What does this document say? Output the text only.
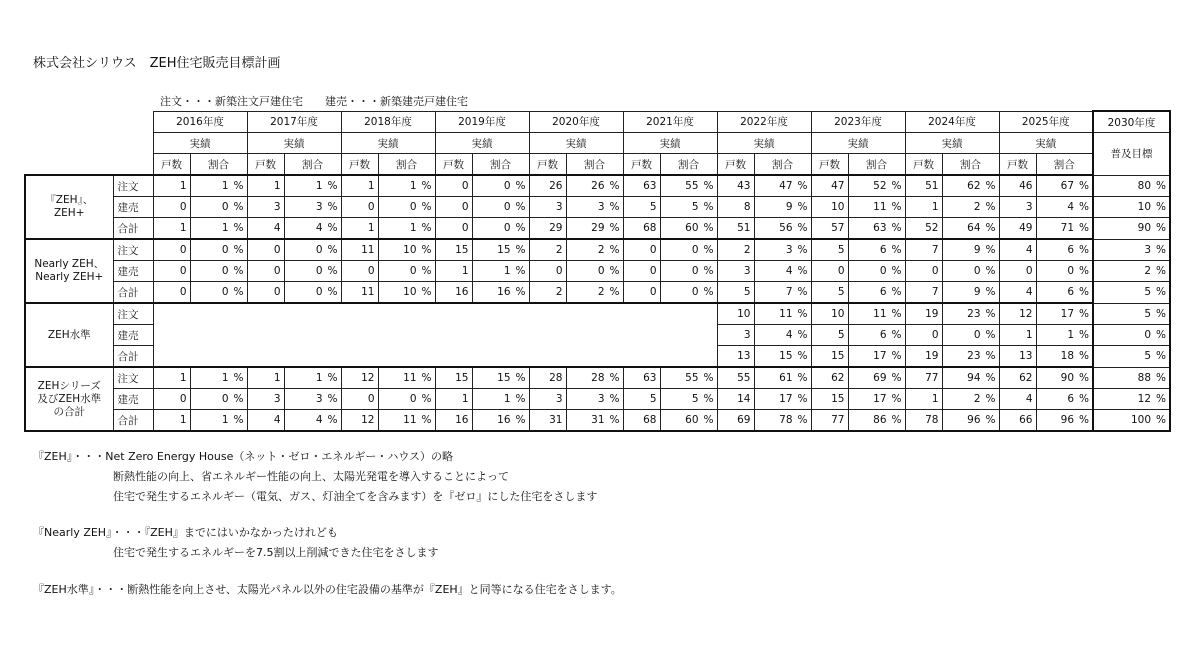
株式会社シリウス　ZEH住宅販売目標計画
注文・・・新築注文戸建住宅　　建売・・・新築建売戸建住宅
		2016年度		2017年度		2018年度		2019年度		2020年度		2021年度		2022年度		2023年度		2024年度		2025年度		2030年度
		実績		実績		実績		実績		実績		実績		実績		実績		実績		実績		普及目標
		戸数	割合	戸数	割合	戸数	割合	戸数	割合	戸数	割合	戸数	割合	戸数	割合	戸数	割合	戸数	割合	戸数	割合	
『ZEH』、
ZEH+	注文	1	1 %	1	1 %	1	1 %	0	0 %	26	26 %	63	55 %	43	47 %	47	52 %	51	62 %	46	67 %	80 %
	建売	0	0 %	3	3 %	0	0 %	0	0 %	3	3 %	5	5 %	8	9 %	10	11 %	1	2 %	3	4 %	10 %
	合計	1	1 %	4	4 %	1	1 %	0	0 %	29	29 %	68	60 %	51	56 %	57	63 %	52	64 %	49	71 %	90 %
Nearly ZEH、
Nearly ZEH+	注文	0	0 %	0	0 %	11	10 %	15	15 %	2	2 %	0	0 %	2	3 %	5	6 %	7	9 %	4	6 %	3 %
	建売	0	0 %	0	0 %	0	0 %	1	1 %	0	0 %	0	0 %	3	4 %	0	0 %	0	0 %	0	0 %	2 %
	合計	0	0 %	0	0 %	11	10 %	16	16 %	2	2 %	0	0 %	5	7 %	5	6 %	7	9 %	4	6 %	5 %
ZEH水準	注文													10	11 %	10	11 %	19	23 %	12	17 %	5 %
	建売													3	4 %	5	6 %	0	0 %	1	1 %	0 %
	合計													13	15 %	15	17 %	19	23 %	13	18 %	5 %
ZEHシリーズ
及びZEH水準
の合計	注文	1	1 %	1	1 %	12	11 %	15	15 %	28	28 %	63	55 %	55	61 %	62	69 %	77	94 %	62	90 %	88 %
	建売	0	0 %	3	3 %	0	0 %	1	1 %	3	3 %	5	5 %	14	17 %	15	17 %	1	2 %	4	6 %	12 %
	合計	1	1 %	4	4 %	12	11 %	16	16 %	31	31 %	68	60 %	69	78 %	77	86 %	78	96 %	66	96 %	100 %

『ZEH』・・・Net Zero Energy House（ネット・ゼロ・エネルギー・ハウス）の略

断熱性能の向上、省エネルギー性能の向上、太陽光発電を導入することによって

住宅で発生するエネルギー（電気、ガス、灯油全てを含みます）を『ゼロ』にした住宅をさします

『Nearly ZEH』・・・『ZEH』までにはいかなかったけれども

住宅で発生するエネルギーを7.5割以上削減できた住宅をさします

『ZEH水準』・・・断熱性能を向上させ、太陽光パネル以外の住宅設備の基準が『ZEH』と同等になる住宅をさします。
